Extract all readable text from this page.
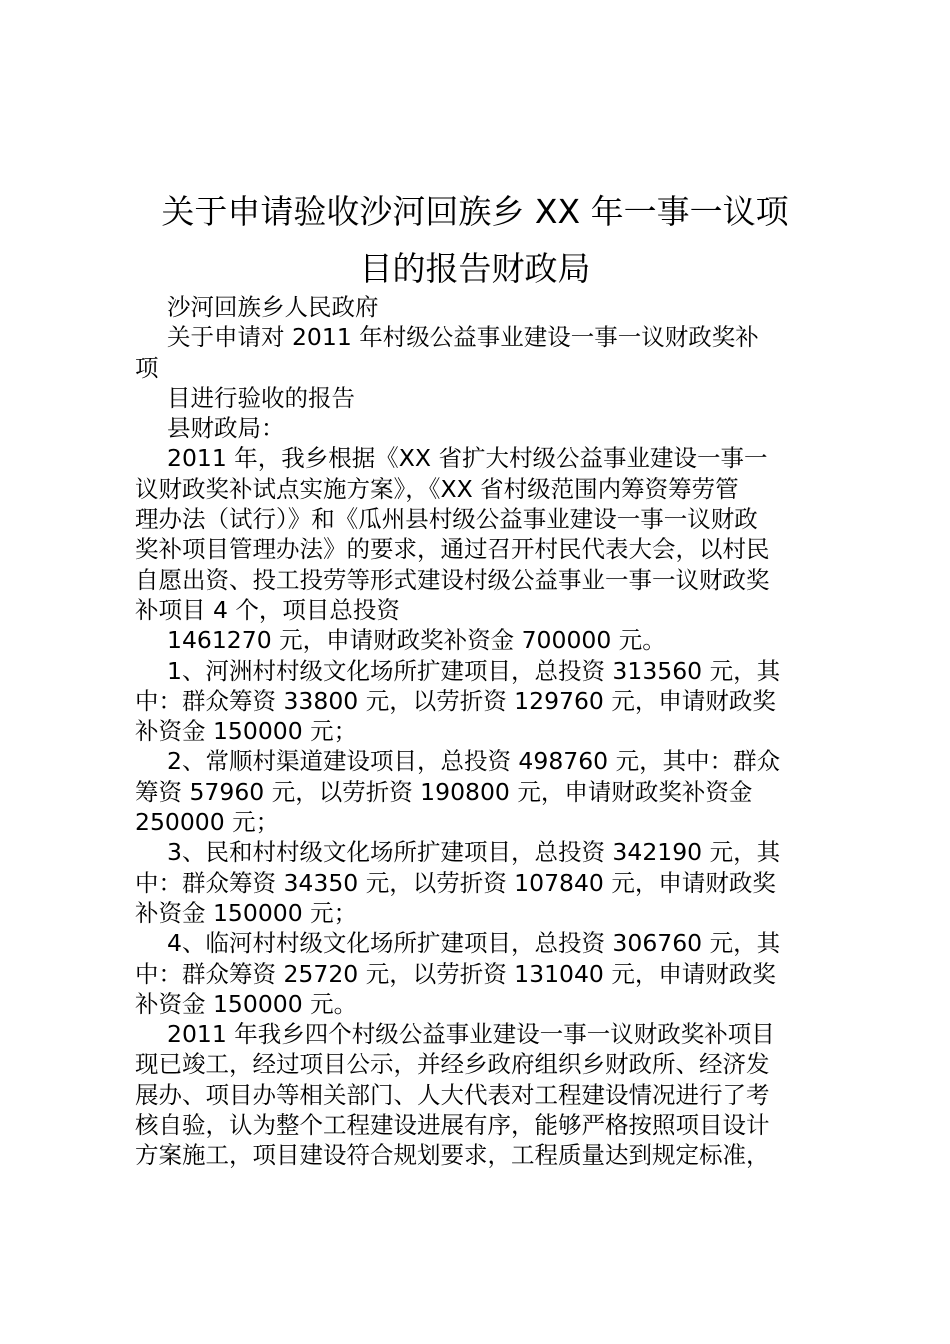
关于申请验收沙河回族乡 XX 年一事一议项
目的报告财政局
沙河回族乡人民政府
关于申请对 2011 年村级公益事业建设一事一议财政奖补
项
目进行验收的报告
县财政局：
2011 年，我乡根据《XX 省扩大村级公益事业建设一事一
议财政奖补试点实施方案》，《XX 省村级范围内筹资筹劳管
理办法（试行）》和《瓜州县村级公益事业建设一事一议财政
奖补项目管理办法》的要求，通过召开村民代表大会，以村民
自愿出资、投工投劳等形式建设村级公益事业一事一议财政奖
补项目 4 个，项目总投资
1461270 元，申请财政奖补资金 700000 元。
1、河洲村村级文化场所扩建项目，总投资 313560 元，其
中：群众筹资 33800 元，以劳折资 129760 元，申请财政奖
补资金 150000 元；
2、常顺村渠道建设项目，总投资 498760 元，其中：群众
筹资 57960 元，以劳折资 190800 元，申请财政奖补资金
250000 元；
3、民和村村级文化场所扩建项目，总投资 342190 元，其
中：群众筹资 34350 元，以劳折资 107840 元，申请财政奖
补资金 150000 元；
4、临河村村级文化场所扩建项目，总投资 306760 元，其
中：群众筹资 25720 元，以劳折资 131040 元，申请财政奖
补资金 150000 元。
2011 年我乡四个村级公益事业建设一事一议财政奖补项目
现已竣工，经过项目公示，并经乡政府组织乡财政所、经济发
展办、项目办等相关部门、人大代表对工程建设情况进行了考
核自验，认为整个工程建设进展有序，能够严格按照项目设计
方案施工，项目建设符合规划要求，工程质量达到规定标准，
